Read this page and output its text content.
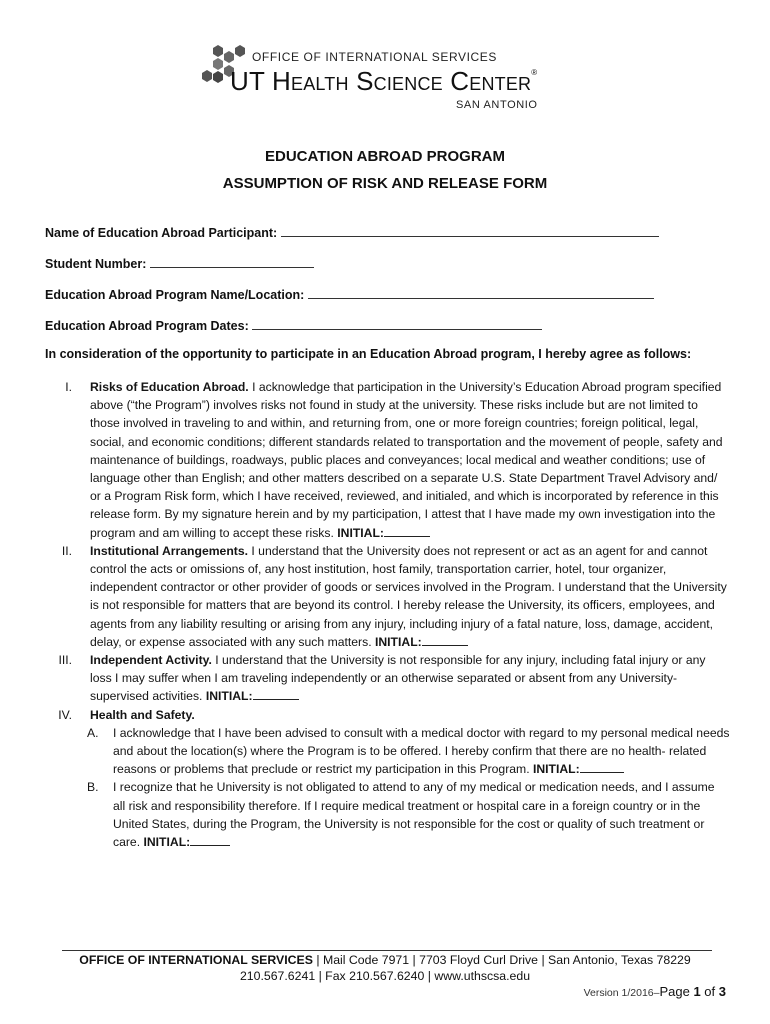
OFFICE OF INTERNATIONAL SERVICES
UT Health Science Center®
SAN ANTONIO
EDUCATION ABROAD PROGRAM
ASSUMPTION OF RISK AND RELEASE FORM
Name of Education Abroad Participant:
Student Number:
Education Abroad Program Name/Location:
Education Abroad Program Dates:
In consideration of the opportunity to participate in an Education Abroad program, I hereby agree as follows:
I. Risks of Education Abroad. I acknowledge that participation in the University’s Education Abroad program specified above (“the Program”) involves risks not found in study at the university. These risks include but are not limited to those involved in traveling to and within, and returning from, one or more foreign countries; foreign political, legal, social, and economic conditions; different standards related to transportation and the movement of people, safety and maintenance of buildings, roadways, public places and conveyances; local medical and weather conditions; use of language other than English; and other matters described on a separate U.S. State Department Travel Advisory and/ or a Program Risk form, which I have received, reviewed, and initialed, and which is incorporated by reference in this release form. By my signature herein and by my participation, I attest that I have made my own investigation into the program and am willing to accept these risks. INITIAL:
II. Institutional Arrangements. I understand that the University does not represent or act as an agent for and cannot control the acts or omissions of, any host institution, host family, transportation carrier, hotel, tour organizer, independent contractor or other provider of goods or services involved in the Program. I understand that the University is not responsible for matters that are beyond its control. I hereby release the University, its officers, employees, and agents from any liability resulting or arising from any injury, including injury of a fatal nature, loss, damage, accident, delay, or expense associated with any such matters. INITIAL:
III. Independent Activity. I understand that the University is not responsible for any injury, including fatal injury or any loss I may suffer when I am traveling independently or an otherwise separated or absent from any University- supervised activities. INITIAL:
IV. Health and Safety.
A.	I acknowledge that I have been advised to consult with a medical doctor with regard to my personal medical needs and about the location(s) where the Program is to be offered. I hereby confirm that there are no health- related reasons or problems that preclude or restrict my participation in this Program. INITIAL:
B.	I recognize that he University is not obligated to attend to any of my medical or medication needs, and I assume all risk and responsibility therefore. If I require medical treatment or hospital care in a foreign country or in the United States, during the Program, the University is not responsible for the cost or quality of such treatment or care. INITIAL:
OFFICE OF INTERNATIONAL SERVICES | Mail Code 7971 | 7703 Floyd Curl Drive | San Antonio, Texas 78229
210.567.6241 | Fax 210.567.6240 | www.uthscsa.edu
Version 1/2016–Page 1 of 3
